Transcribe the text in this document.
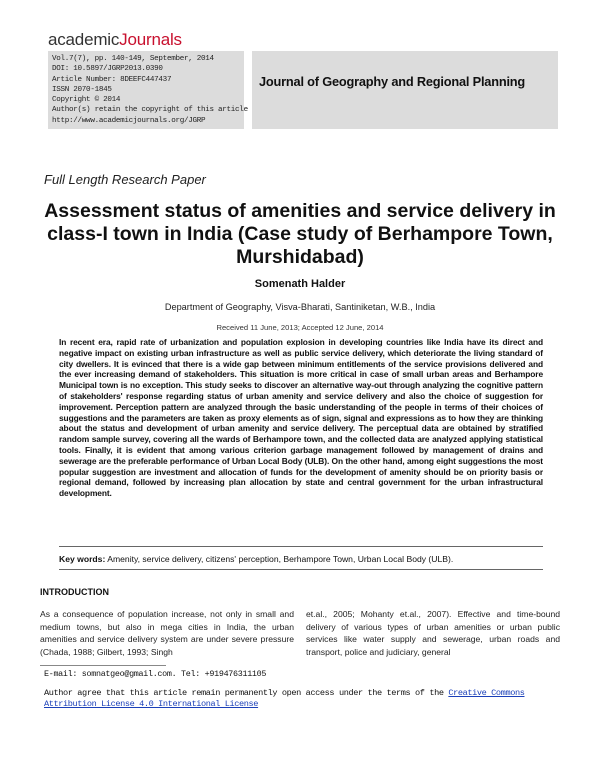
academicJournals
Vol.7(7), pp. 140-149, September, 2014
DOI: 10.5897/JGRP2013.0390
Article Number: 8DEEFC447437
ISSN 2070-1845
Copyright © 2014
Author(s) retain the copyright of this article
http://www.academicjournals.org/JGRP
Journal of Geography and Regional Planning
Full Length Research Paper
Assessment status of amenities and service delivery in class-I town in India (Case study of Berhampore Town, Murshidabad)
Somenath Halder
Department of Geography, Visva-Bharati, Santiniketan, W.B., India
Received 11 June, 2013; Accepted 12 June, 2014
In recent era, rapid rate of urbanization and population explosion in developing countries like India have its direct and negative impact on existing urban infrastructure as well as public service delivery, which deteriorate the living standard of city dwellers. It is evinced that there is a wide gap between minimum entitlements of the service provisions delivered and the ever increasing demand of stakeholders. This situation is more critical in case of small urban areas and Berhampore Municipal town is no exception. This study seeks to discover an alternative way-out through analyzing the cognitive pattern of stakeholders' response regarding status of urban amenity and service delivery and also the choice of suggestion for improvement. Perception pattern are analyzed through the basic understanding of the people in terms of their choices of suggestions and the parameters are taken as proxy elements as of sign, signal and expressions as to how they are thinking about the status and development of urban amenity and service delivery. The perceptual data are obtained by stratified random sample survey, covering all the wards of Berhampore town, and the collected data are analyzed applying statistical tools. Finally, it is evident that among various criterion garbage management followed by management of drains and sewerage are the preferable performance of Urban Local Body (ULB). On the other hand, among eight suggestions the most popular suggestion are investment and allocation of funds for the development of amenity should be on priority basis or regional demand, followed by increasing plan allocation by state and central government for the urban infrastructural development.
Key words: Amenity, service delivery, citizens' perception, Berhampore Town, Urban Local Body (ULB).
INTRODUCTION
As a consequence of population increase, not only in small and medium towns, but also in mega cities in India, the urban amenities and service delivery system are under severe pressure (Chada, 1988; Gilbert, 1993; Singh
et.al., 2005; Mohanty et.al., 2007). Effective and time-bound delivery of various types of urban amenities or urban public services like water supply and sewerage, urban roads and transport, police and judiciary, general
E-mail: somnatgeo@gmail.com. Tel: +919476311105
Author agree that this article remain permanently open access under the terms of the Creative Commons Attribution License 4.0 International License
